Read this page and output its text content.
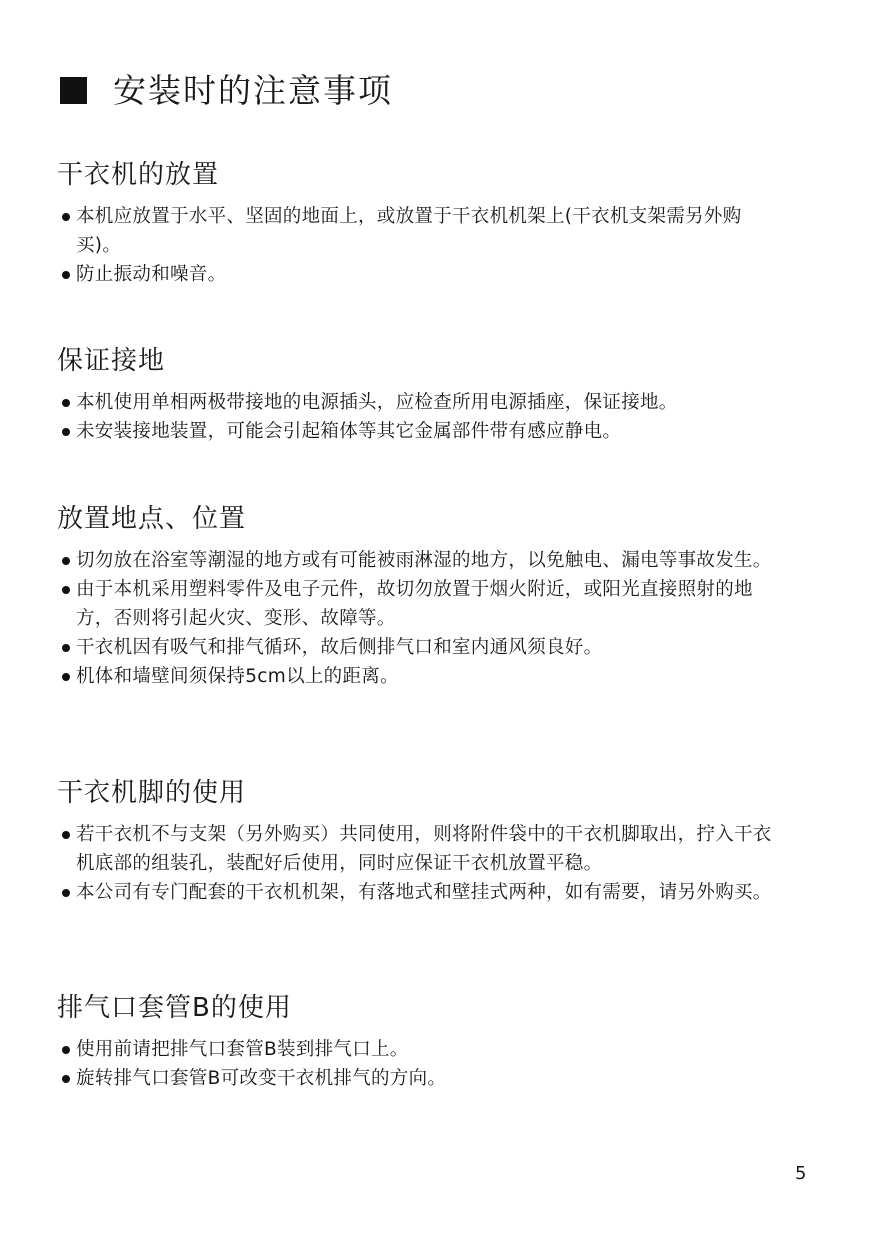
安装时的注意事项
干衣机的放置
本机应放置于水平、坚固的地面上，或放置于干衣机机架上(干衣机支架需另外购买)。
防止振动和噪音。
保证接地
本机使用单相两极带接地的电源插头，应检查所用电源插座，保证接地。
未安装接地装置，可能会引起箱体等其它金属部件带有感应静电。
放置地点、位置
切勿放在浴室等潮湿的地方或有可能被雨淋湿的地方，以免触电、漏电等事故发生。
由于本机采用塑料零件及电子元件，故切勿放置于烟火附近，或阳光直接照射的地方，否则将引起火灾、变形、故障等。
干衣机因有吸气和排气循环，故后侧排气口和室内通风须良好。
机体和墙壁间须保持5cm以上的距离。
干衣机脚的使用
若干衣机不与支架（另外购买）共同使用，则将附件袋中的干衣机脚取出，拧入干衣机底部的组装孔，装配好后使用，同时应保证干衣机放置平稳。
本公司有专门配套的干衣机机架，有落地式和壁挂式两种，如有需要，请另外购买。
排气口套管B的使用
使用前请把排气口套管B装到排气口上。
旋转排气口套管B可改变干衣机排气的方向。
5
